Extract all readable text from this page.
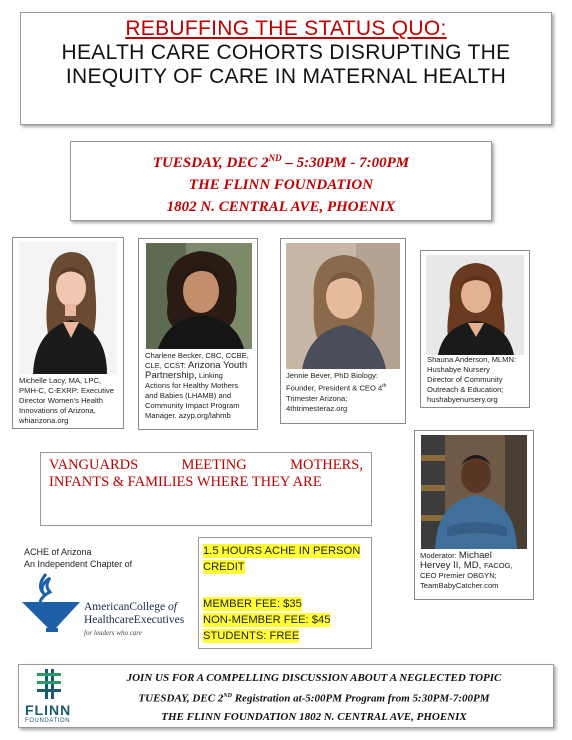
REBUFFING THE STATUS QUO:
HEALTH CARE COHORTS DISRUPTING THE
INEQUITY OF CARE IN MATERNAL HEALTH
TUESDAY, DEC 2ND – 5:30PM - 7:00PM
THE FLINN FOUNDATION
1802 N. CENTRAL AVE, PHOENIX
Michelle Lacy, MA, LPC,
PMH-C, C-EXRP: Executive
Director Women's Health
Innovations of Arizona,
whiarizona.org
Charlene Becker, CBC, CCBE,
CLE, CCST: Arizona Youth
Partnership, Linking
Actions for Healthy Mothers
and Babies (LHAMB) and
Community Impact Program
Manager. azyp.org/lahmb
Jennie Bever, PhD Biology:
Founder, President & CEO 4th
Trimester Arizona;
4thtrimesteraz.org
Shauna Anderson, MLMN:
Hushabye Nursery
Director of Community
Outreach & Education;
hushabyenursery.org
Moderator: Michael
Hervey II, MD, FACOG,
CEO Premier OBGYN;
TeamBabyCatcher.com
VANGUARDS MEETING MOTHERS,
INFANTS & FAMILIES WHERE THEY ARE
ACHE of Arizona
An Independent Chapter of
AmericanCollege of
HealthcareExecutives
for leaders who care
1.5 HOURS ACHE IN PERSON
CREDIT
MEMBER FEE: $35
NON-MEMBER FEE: $45
STUDENTS: FREE
FLINN
FOUNDATION
JOIN US FOR A COMPELLING DISCUSSION ABOUT A NEGLECTED TOPIC
TUESDAY, DEC 2ND Registration at-5:00PM Program from 5:30PM-7:00PM
THE FLINN FOUNDATION 1802 N. CENTRAL AVE, PHOENIX
